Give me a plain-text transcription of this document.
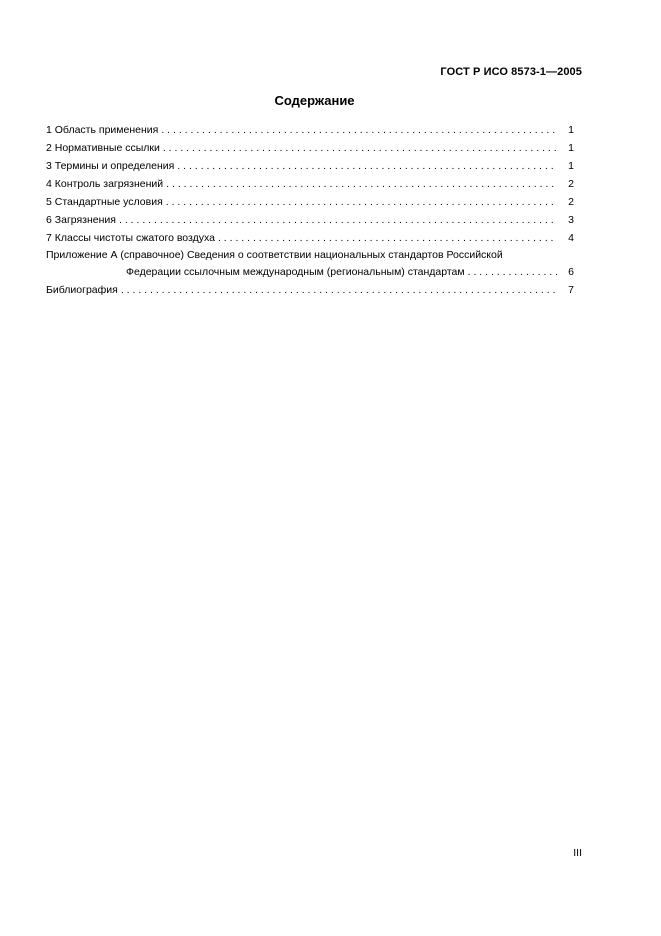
ГОСТ Р ИСО 8573-1—2005
Содержание
1 Область применения . . .	1
2 Нормативные ссылки . . .	1
3 Термины и определения . . .	1
4 Контроль загрязнений . . .	2
5 Стандартные условия . . .	2
6 Загрязнения . . .	3
7 Классы чистоты сжатого воздуха . . .	4
Приложение А (справочное) Сведения о соответствии национальных стандартов Российской
Федерации ссылочным международным (региональным) стандартам . . .	6
Библиография . . .	7
III
